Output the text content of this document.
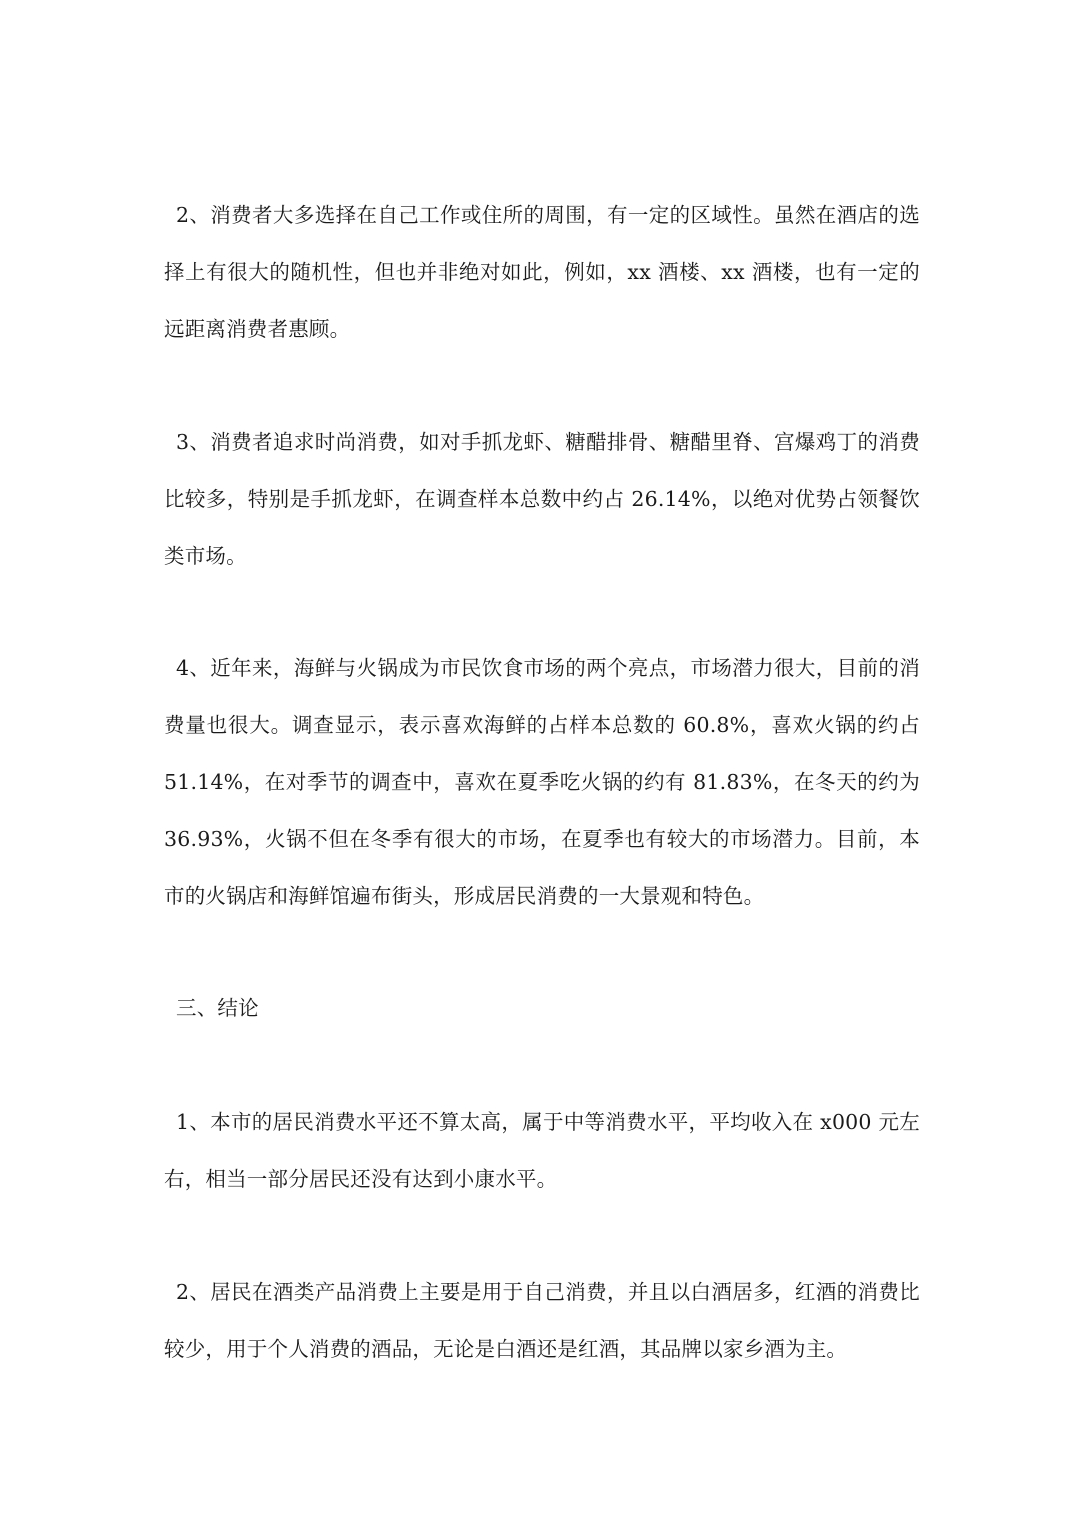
2、消费者大多选择在自己工作或住所的周围，有一定的区域性。虽然在酒店的选择上有很大的随机性，但也并非绝对如此，例如，xx 酒楼、xx 酒楼，也有一定的远距离消费者惠顾。

3、消费者追求时尚消费，如对手抓龙虾、糖醋排骨、糖醋里脊、宫爆鸡丁的消费比较多，特别是手抓龙虾，在调查样本总数中约占 26.14%，以绝对优势占领餐饮类市场。

4、近年来，海鲜与火锅成为市民饮食市场的两个亮点，市场潜力很大，目前的消费量也很大。调查显示，表示喜欢海鲜的占样本总数的 60.8%，喜欢火锅的约占 51.14%，在对季节的调查中，喜欢在夏季吃火锅的约有 81.83%，在冬天的约为 36.93%，火锅不但在冬季有很大的市场，在夏季也有较大的市场潜力。目前，本市的火锅店和海鲜馆遍布街头，形成居民消费的一大景观和特色。

三、结论

1、本市的居民消费水平还不算太高，属于中等消费水平，平均收入在 x000 元左右，相当一部分居民还没有达到小康水平。

2、居民在酒类产品消费上主要是用于自己消费，并且以白酒居多，红酒的消费比较少，用于个人消费的酒品，无论是白酒还是红酒，其品牌以家乡酒为主。
